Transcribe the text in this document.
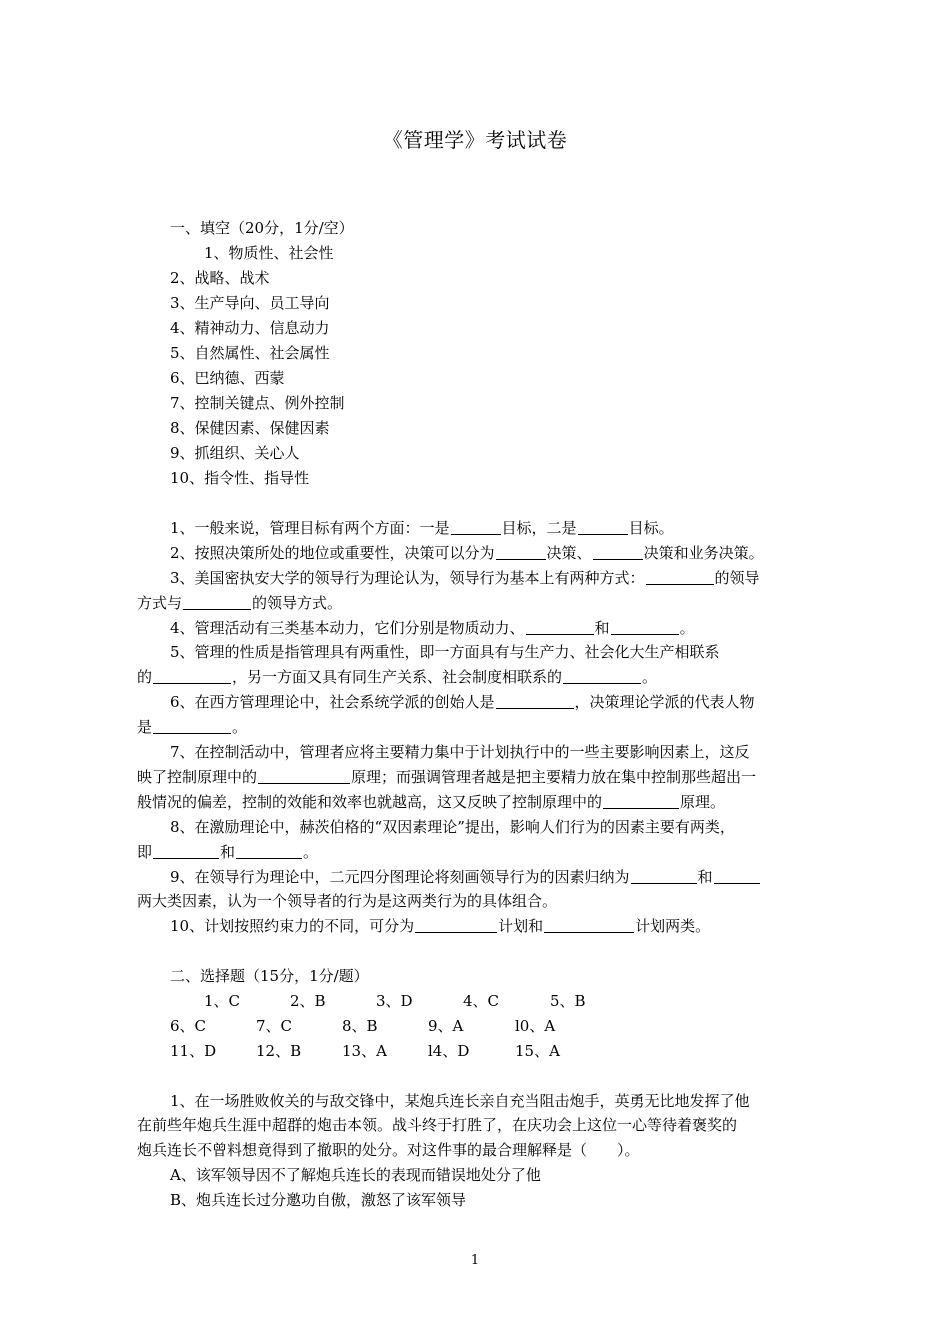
《管理学》考试试卷
一、填空（20分，1分/空）
1、物质性、社会性
2、战略、战术
3、生产导向、员工导向
4、精神动力、信息动力
5、自然属性、社会属性
6、巴纳德、西蒙
7、控制关键点、例外控制
8、保健因素、保健因素
9、抓组织、关心人
10、指令性、指导性
1、一般来说，管理目标有两个方面：一是	目标，二是	目标。
2、按照决策所处的地位或重要性，决策可以分为	决策、	决策和业务决策。
3、美国密执安大学的领导行为理论认为，领导行为基本上有两种方式：	的领导
方式与	的领导方式。
4、管理活动有三类基本动力，它们分别是物质动力、	和	。
5、管理的性质是指管理具有两重性，即一方面具有与生产力、社会化大生产相联系
的	，另一方面又具有同生产关系、社会制度相联系的	。
6、在西方管理理论中，社会系统学派的创始人是	，决策理论学派的代表人物
是	。
7、在控制活动中，管理者应将主要精力集中于计划执行中的一些主要影响因素上，这反
映了控制原理中的	原理；而强调管理者越是把主要精力放在集中控制那些超出一
般情况的偏差，控制的效能和效率也就越高，这又反映了控制原理中的	原理。
8、在激励理论中，赫茨伯格的“双因素理论”提出，影响人们行为的因素主要有两类，
即	和	。
9、在领导行为理论中，二元四分图理论将刻画领导行为的因素归纳为	和
两大类因素，认为一个领导者的行为是这两类行为的具体组合。
10、计划按照约束力的不同，可分为	计划和	计划两类。
二、选择题（15分，1分/题）
1、C	2、B	3、D	4、C	5、B
6、C	7、C	8、B	9、A	l0、A
11、D	12、B	13、A	l4、D	15、A
1、在一场胜败攸关的与敌交锋中，某炮兵连长亲自充当阻击炮手，英勇无比地发挥了他
在前些年炮兵生涯中超群的炮击本领。战斗终于打胜了，在庆功会上这位一心等待着褒奖的
炮兵连长不曾料想竟得到了撤职的处分。对这件事的最合理解释是（　　）。
A、该军领导因不了解炮兵连长的表现而错误地处分了他
B、炮兵连长过分邀功自傲，激怒了该军领导
1
